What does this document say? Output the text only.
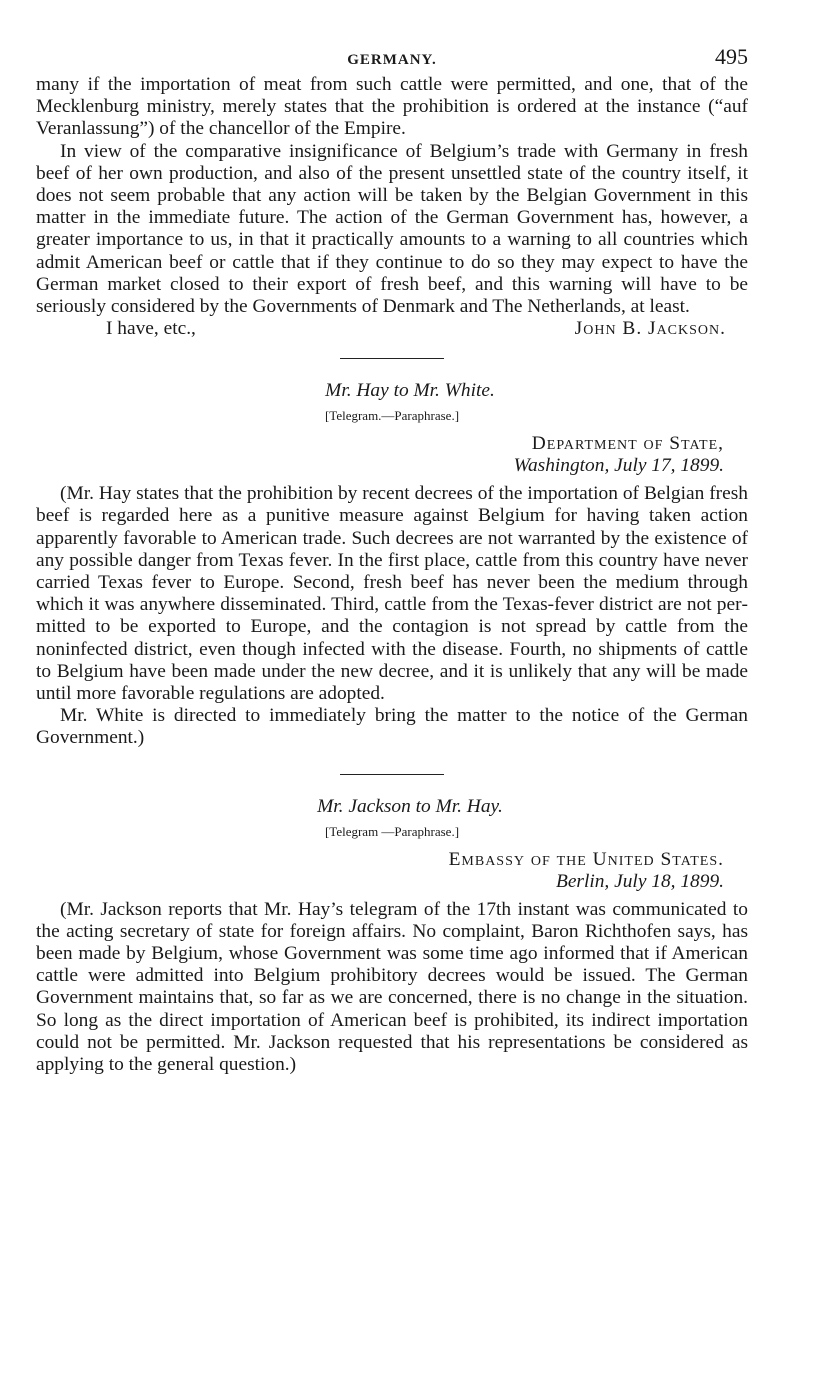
GERMANY.	495

many if the importation of meat from such cattle were permitted, and one, that of the Mecklenburg ministry, merely states that the prohibition is ordered at the instance (“auf Veranlassung”) of the chancellor of the Empire.

In view of the comparative insignificance of Belgium’s trade with Germany in fresh beef of her own production, and also of the present unsettled state of the country itself, it does not seem probable that any action will be taken by the Belgian Government in this matter in the immediate future. The action of the German Government has, however, a greater importance to us, in that it practically amounts to a warning to all countries which admit American beef or cattle that if they continue to do so they may expect to have the German market closed to their export of fresh beef, and this warning will have to be seriously considered by the Governments of Denmark and The Netherlands, at least.

I have, etc.,	John B. Jackson.
Mr. Hay to Mr. White.
[Telegram.—Paraphrase.]
Department of State,
Washington, July 17, 1899.

(Mr. Hay states that the prohibition by recent decrees of the importation of Belgian fresh beef is regarded here as a punitive measure against Belgium for having taken action apparently favorable to American trade. Such decrees are not warranted by the existence of any possible danger from Texas fever. In the first place, cattle from this country have never carried Texas fever to Europe. Second, fresh beef has never been the medium through which it was anywhere disseminated. Third, cattle from the Texas-fever district are not permitted to be exported to Europe, and the contagion is not spread by cattle from the noninfected district, even though infected with the disease. Fourth, no shipments of cattle to Belgium have been made under the new decree, and it is unlikely that any will be made until more favorable regulations are adopted.

Mr. White is directed to immediately bring the matter to the notice of the German Government.)

Mr. Jackson to Mr. Hay.
[Telegram —Paraphrase.]
Embassy of the United States.
Berlin, July 18, 1899.

(Mr. Jackson reports that Mr. Hay’s telegram of the 17th instant was communicated to the acting secretary of state for foreign affairs. No complaint, Baron Richthofen says, has been made by Belgium, whose Government was some time ago informed that if American cattle were admitted into Belgium prohibitory decrees would be issued. The German Government maintains that, so far as we are concerned, there is no change in the situation. So long as the direct importation of American beef is prohibited, its indirect importation could not be permitted. Mr. Jackson requested that his representations be considered as applying to the general question.)
